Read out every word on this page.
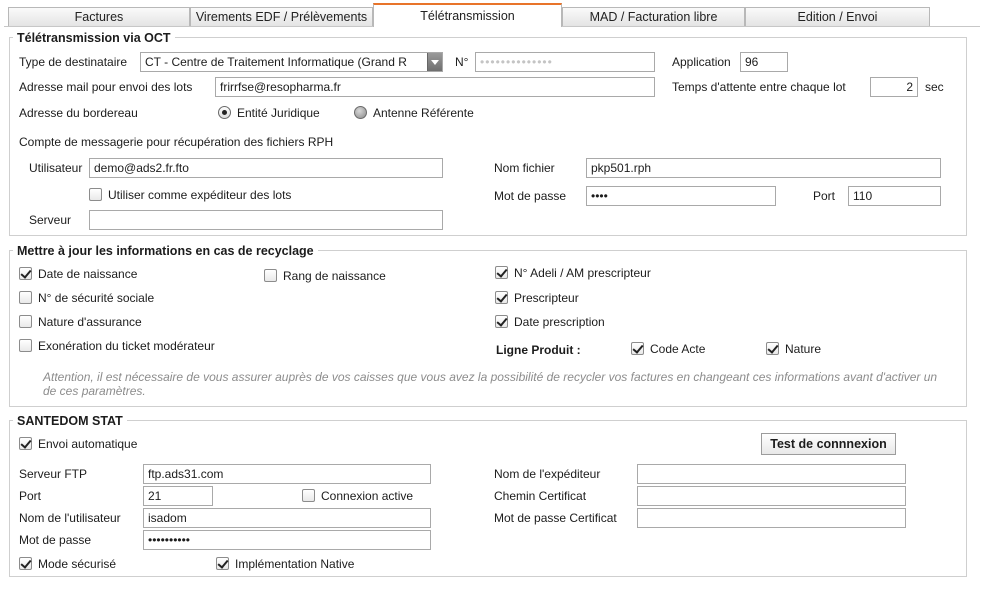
Factures	Virements EDF / Prélèvements	Télétransmission	MAD / Facturation libre	Edition / Envoi
Télétransmission via OCT
Type de destinataire	CT - Centre de Traitement Informatique (Grand R	N° ••••••••••••••	Application	96
Adresse mail pour envoi des lots	frirrfse@resopharma.fr	Temps d'attente entre chaque lot	2	sec
Adresse du bordereau	Entité Juridique	Antenne Référente
Compte de messagerie pour récupération des fichiers RPH
Utilisateur demo@ads2.fr.fto
Utiliser comme expéditeur des lots
Serveur
Nom fichier	pkp501.rph
Mot de passe	••••	Port	110
Mettre à jour les informations en cas de recyclage
Date de naissance	Rang de naissance
N° de sécurité sociale
Nature d'assurance
Exonération du ticket modérateur
N° Adeli / AM prescripteur
Prescripteur
Date prescription
Ligne Produit :	Code Acte	Nature
Attention, il est nécessaire de vous assurer auprès de vos caisses que vous avez la possibilité de recycler vos factures en changeant ces informations avant d'activer un de ces paramètres.
SANTEDOM STAT
Envoi automatique	Test de connnexion
Serveur FTP	ftp.ads31.com
Port	21	Connexion active
Nom de l'utilisateur	isadom
Mot de passe	••••••••••
Mode sécurisé	Implémentation Native
Nom de l'expéditeur
Chemin Certificat
Mot de passe Certificat
